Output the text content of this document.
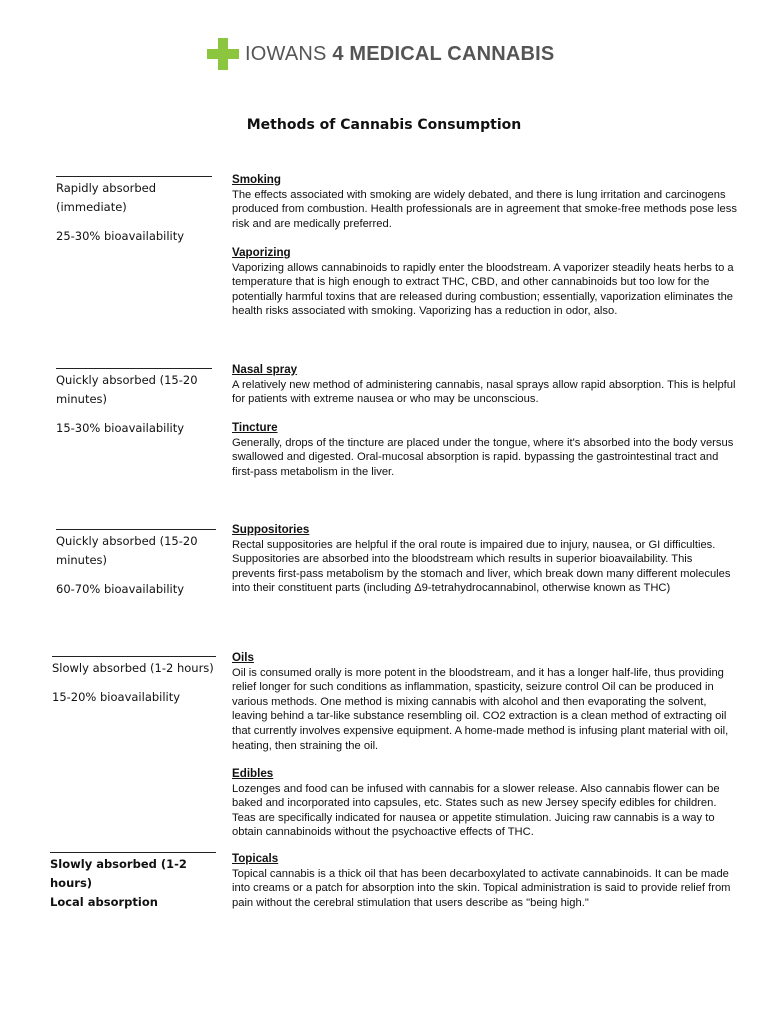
IOWANS 4 MEDICAL CANNABIS
Methods of Cannabis Consumption
Rapidly absorbed
(immediate)
25-30% bioavailability
Quickly absorbed (15-20
minutes)
15-30% bioavailability
Quickly absorbed (15-20
minutes)
60-70% bioavailability
Slowly absorbed (1-2 hours)
15-20% bioavailability
Slowly absorbed (1-2 hours)
Local absorption
Smoking

The effects associated with smoking are widely debated, and there is lung irritation and carcinogens produced from combustion. Health professionals are in agreement that smoke-free methods pose less risk and are medically preferred.

Vaporizing

Vaporizing allows cannabinoids to rapidly enter the bloodstream. A vaporizer steadily heats herbs to a temperature that is high enough to extract THC, CBD, and other cannabinoids but too low for the potentially harmful toxins that are released during combustion; essentially, vaporization eliminates the health risks associated with smoking. Vaporizing has a reduction in odor, also.

Nasal spray

A relatively new method of administering cannabis, nasal sprays allow rapid absorption. This is helpful for patients with extreme nausea or who may be unconscious.

Tincture

Generally, drops of the tincture are placed under the tongue, where it's absorbed into the body versus swallowed and digested. Oral-mucosal absorption is rapid. bypassing the gastrointestinal tract and first-pass metabolism in the liver.

Suppositories

Rectal suppositories are helpful if the oral route is impaired due to injury, nausea, or GI difficulties. Suppositories are absorbed into the bloodstream which results in superior bioavailability. This prevents first-pass metabolism by the stomach and liver, which break down many different molecules into their constituent parts (including Δ9-tetrahydrocannabinol, otherwise known as THC)

Oils

Oil is consumed orally is more potent in the bloodstream, and it has a longer half-life, thus providing relief longer for such conditions as inflammation, spasticity, seizure control Oil can be produced in various methods. One method is mixing cannabis with alcohol and then evaporating the solvent, leaving behind a tar-like substance resembling oil. CO2 extraction is a clean method of extracting oil that currently involves expensive equipment. A home-made method is infusing plant material with oil, heating, then straining the oil.

Edibles

Lozenges and food can be infused with cannabis for a slower release. Also cannabis flower can be baked and incorporated into capsules, etc. States such as new Jersey specify edibles for children. Teas are specifically indicated for nausea or appetite stimulation. Juicing raw cannabis is a way to obtain cannabinoids without the psychoactive effects of THC.

Topicals

Topical cannabis is a thick oil that has been decarboxylated to activate cannabinoids. It can be made into creams or a patch for absorption into the skin. Topical administration is said to provide relief from pain without the cerebral stimulation that users describe as "being high."
